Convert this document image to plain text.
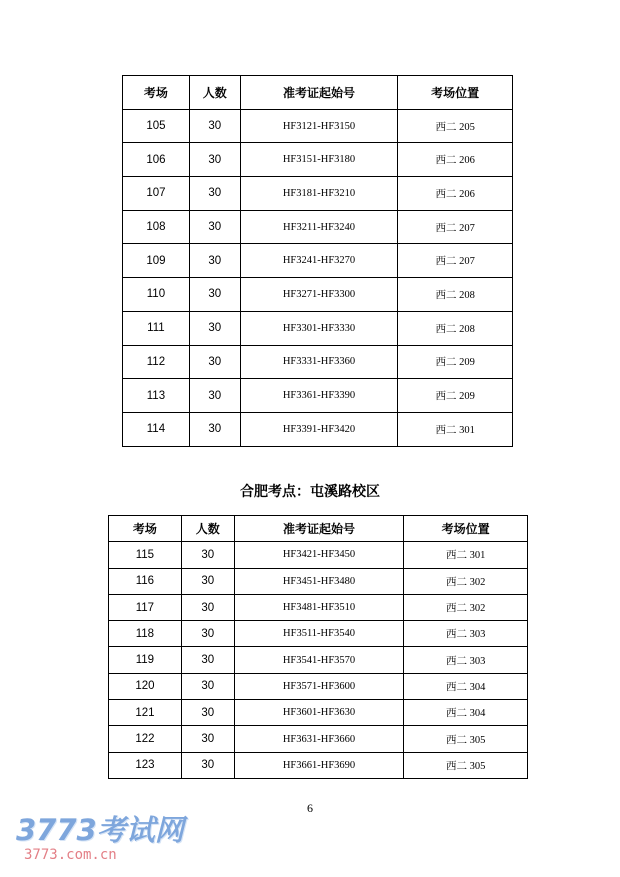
考场	人数	准考证起始号	考场位置
105	30	HF3121-HF3150	西二 205
106	30	HF3151-HF3180	西二 206
107	30	HF3181-HF3210	西二 206
108	30	HF3211-HF3240	西二 207
109	30	HF3241-HF3270	西二 207
110	30	HF3271-HF3300	西二 208
111	30	HF3301-HF3330	西二 208
112	30	HF3331-HF3360	西二 209
113	30	HF3361-HF3390	西二 209
114	30	HF3391-HF3420	西二 301
合肥考点：屯溪路校区
考场	人数	准考证起始号	考场位置
115	30	HF3421-HF3450	西二 301
116	30	HF3451-HF3480	西二 302
117	30	HF3481-HF3510	西二 302
118	30	HF3511-HF3540	西二 303
119	30	HF3541-HF3570	西二 303
120	30	HF3571-HF3600	西二 304
121	30	HF3601-HF3630	西二 304
122	30	HF3631-HF3660	西二 305
123	30	HF3661-HF3690	西二 305
6
3773考试网
3773.com.cn
